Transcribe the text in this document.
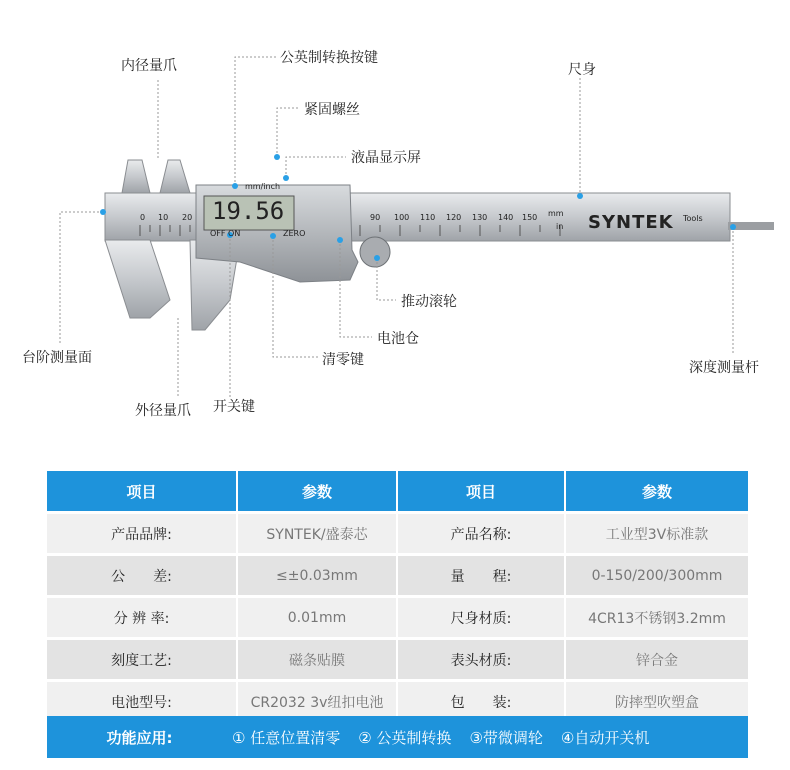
19.56
mm/inch
OFF ON	ZERO
SYNTEK Tools
mm
in
0 10 20	90 100 110 120 130 140 150
内径量爪	公英制转换按键
紧固螺丝
液晶显示屏
尺身
台阶测量面
推动滚轮
电池仓
清零键	深度测量杆
外径量爪 开关键
项目	参数	项目	参数
产品品牌:	SYNTEK/盛泰芯	产品名称:	工业型3V标准款
公　　差:	≤±0.03mm	量　　程:	0-150/200/300mm
分 辨 率:	0.01mm	尺身材质:	4CR13不锈钢3.2mm
刻度工艺:	磁条贴膜	表头材质:	锌合金
电池型号:	CR2032 3v纽扣电池	包　　装:	防摔型吹塑盒
功能应用:	① 任意位置清零 ② 公英制转换 ③带微调轮 ④自动开关机
